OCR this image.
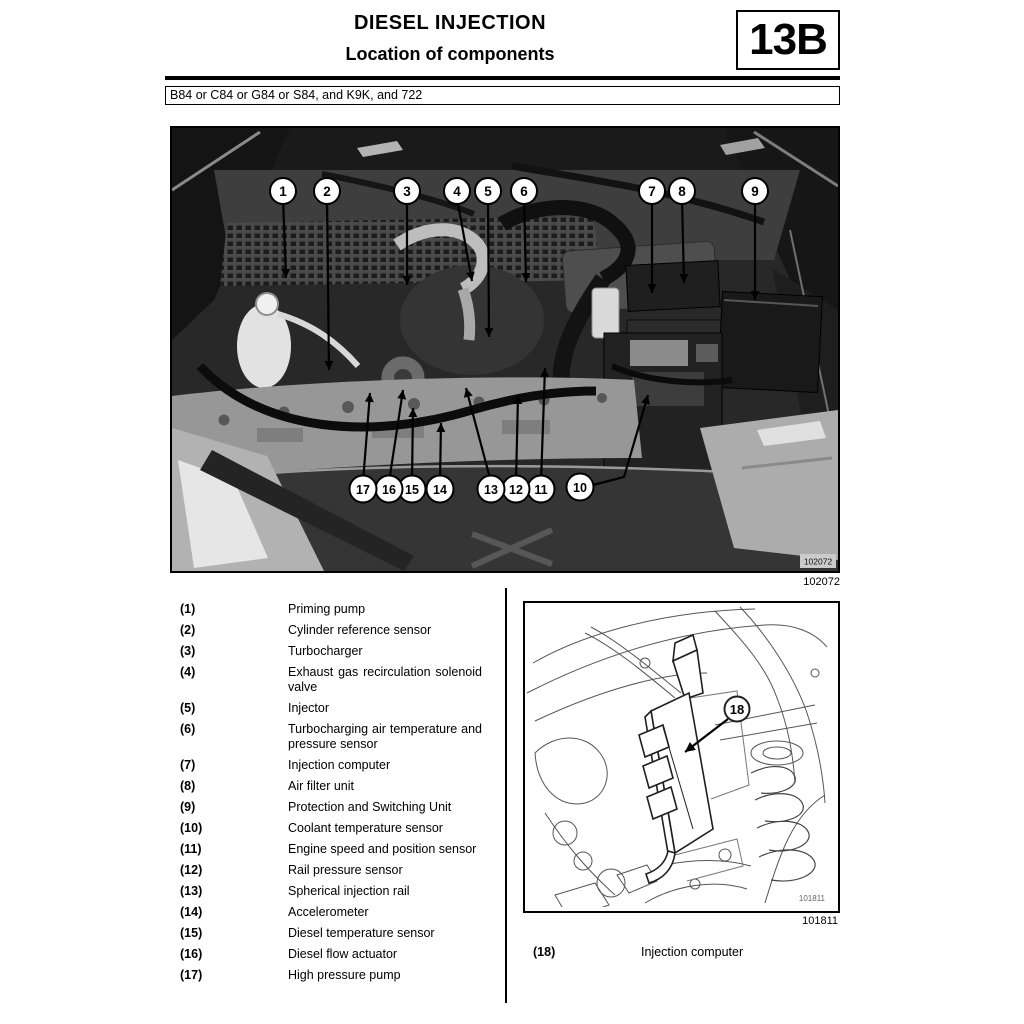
DIESEL INJECTION
Location of components	13B
B84 or C84 or G84 or S84, and K9K, and 722
102072
1	2	3	4 5 6	7 8	9
10
11
12
13
14
15
16
17
102072
(1)	Priming pump
(2)	Cylinder reference sensor
(3)	Turbocharger
(4)	Exhaust gas recirculation solenoid valve
(5)	Injector
(6)	Turbocharging air temperature and pressure sensor
(7)	Injection computer
(8)	Air filter unit
(9)	Protection and Switching Unit
(10)	Coolant temperature sensor
(11)	Engine speed and position sensor
(12)	Rail pressure sensor
(13)	Spherical injection rail
(14)	Accelerometer
(15)	Diesel temperature sensor
(16)	Diesel flow actuator
(17)	High pressure pump
18
101811
101811
(18)	Injection computer
